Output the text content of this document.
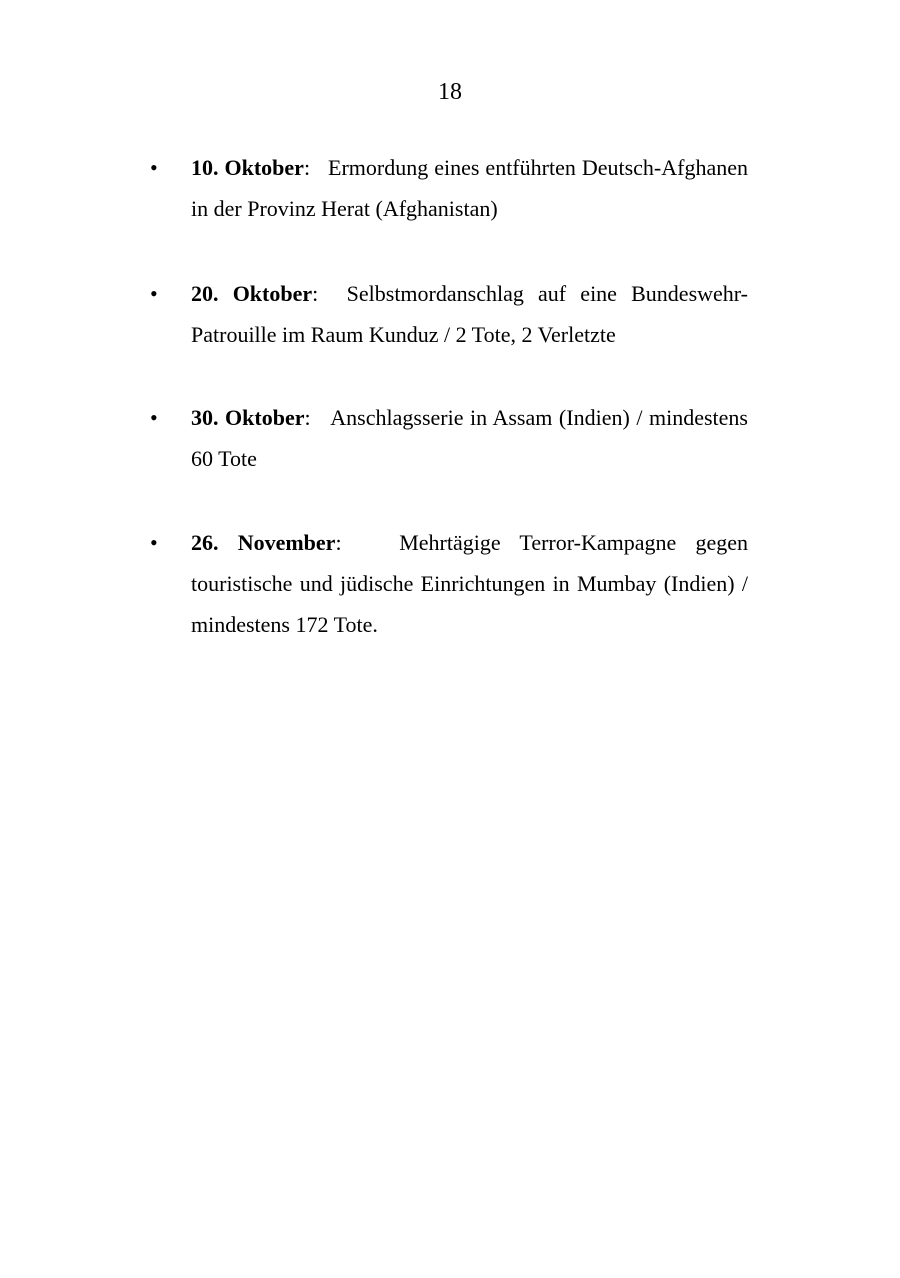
18
•	10. Oktober: Ermordung eines entführten Deutsch-Afghanen in der Provinz Herat (Afghanistan)
•	20. Oktober: Selbstmordanschlag auf eine Bundeswehr-Patrouille im Raum Kunduz / 2 Tote, 2 Verletzte
•	30. Oktober: Anschlagsserie in Assam (Indien) / mindestens 60 Tote
•	26. November:	Mehrtägige Terror-Kampagne gegen touristische und jüdische Einrichtungen in Mumbay (Indien) / mindestens 172 Tote.
